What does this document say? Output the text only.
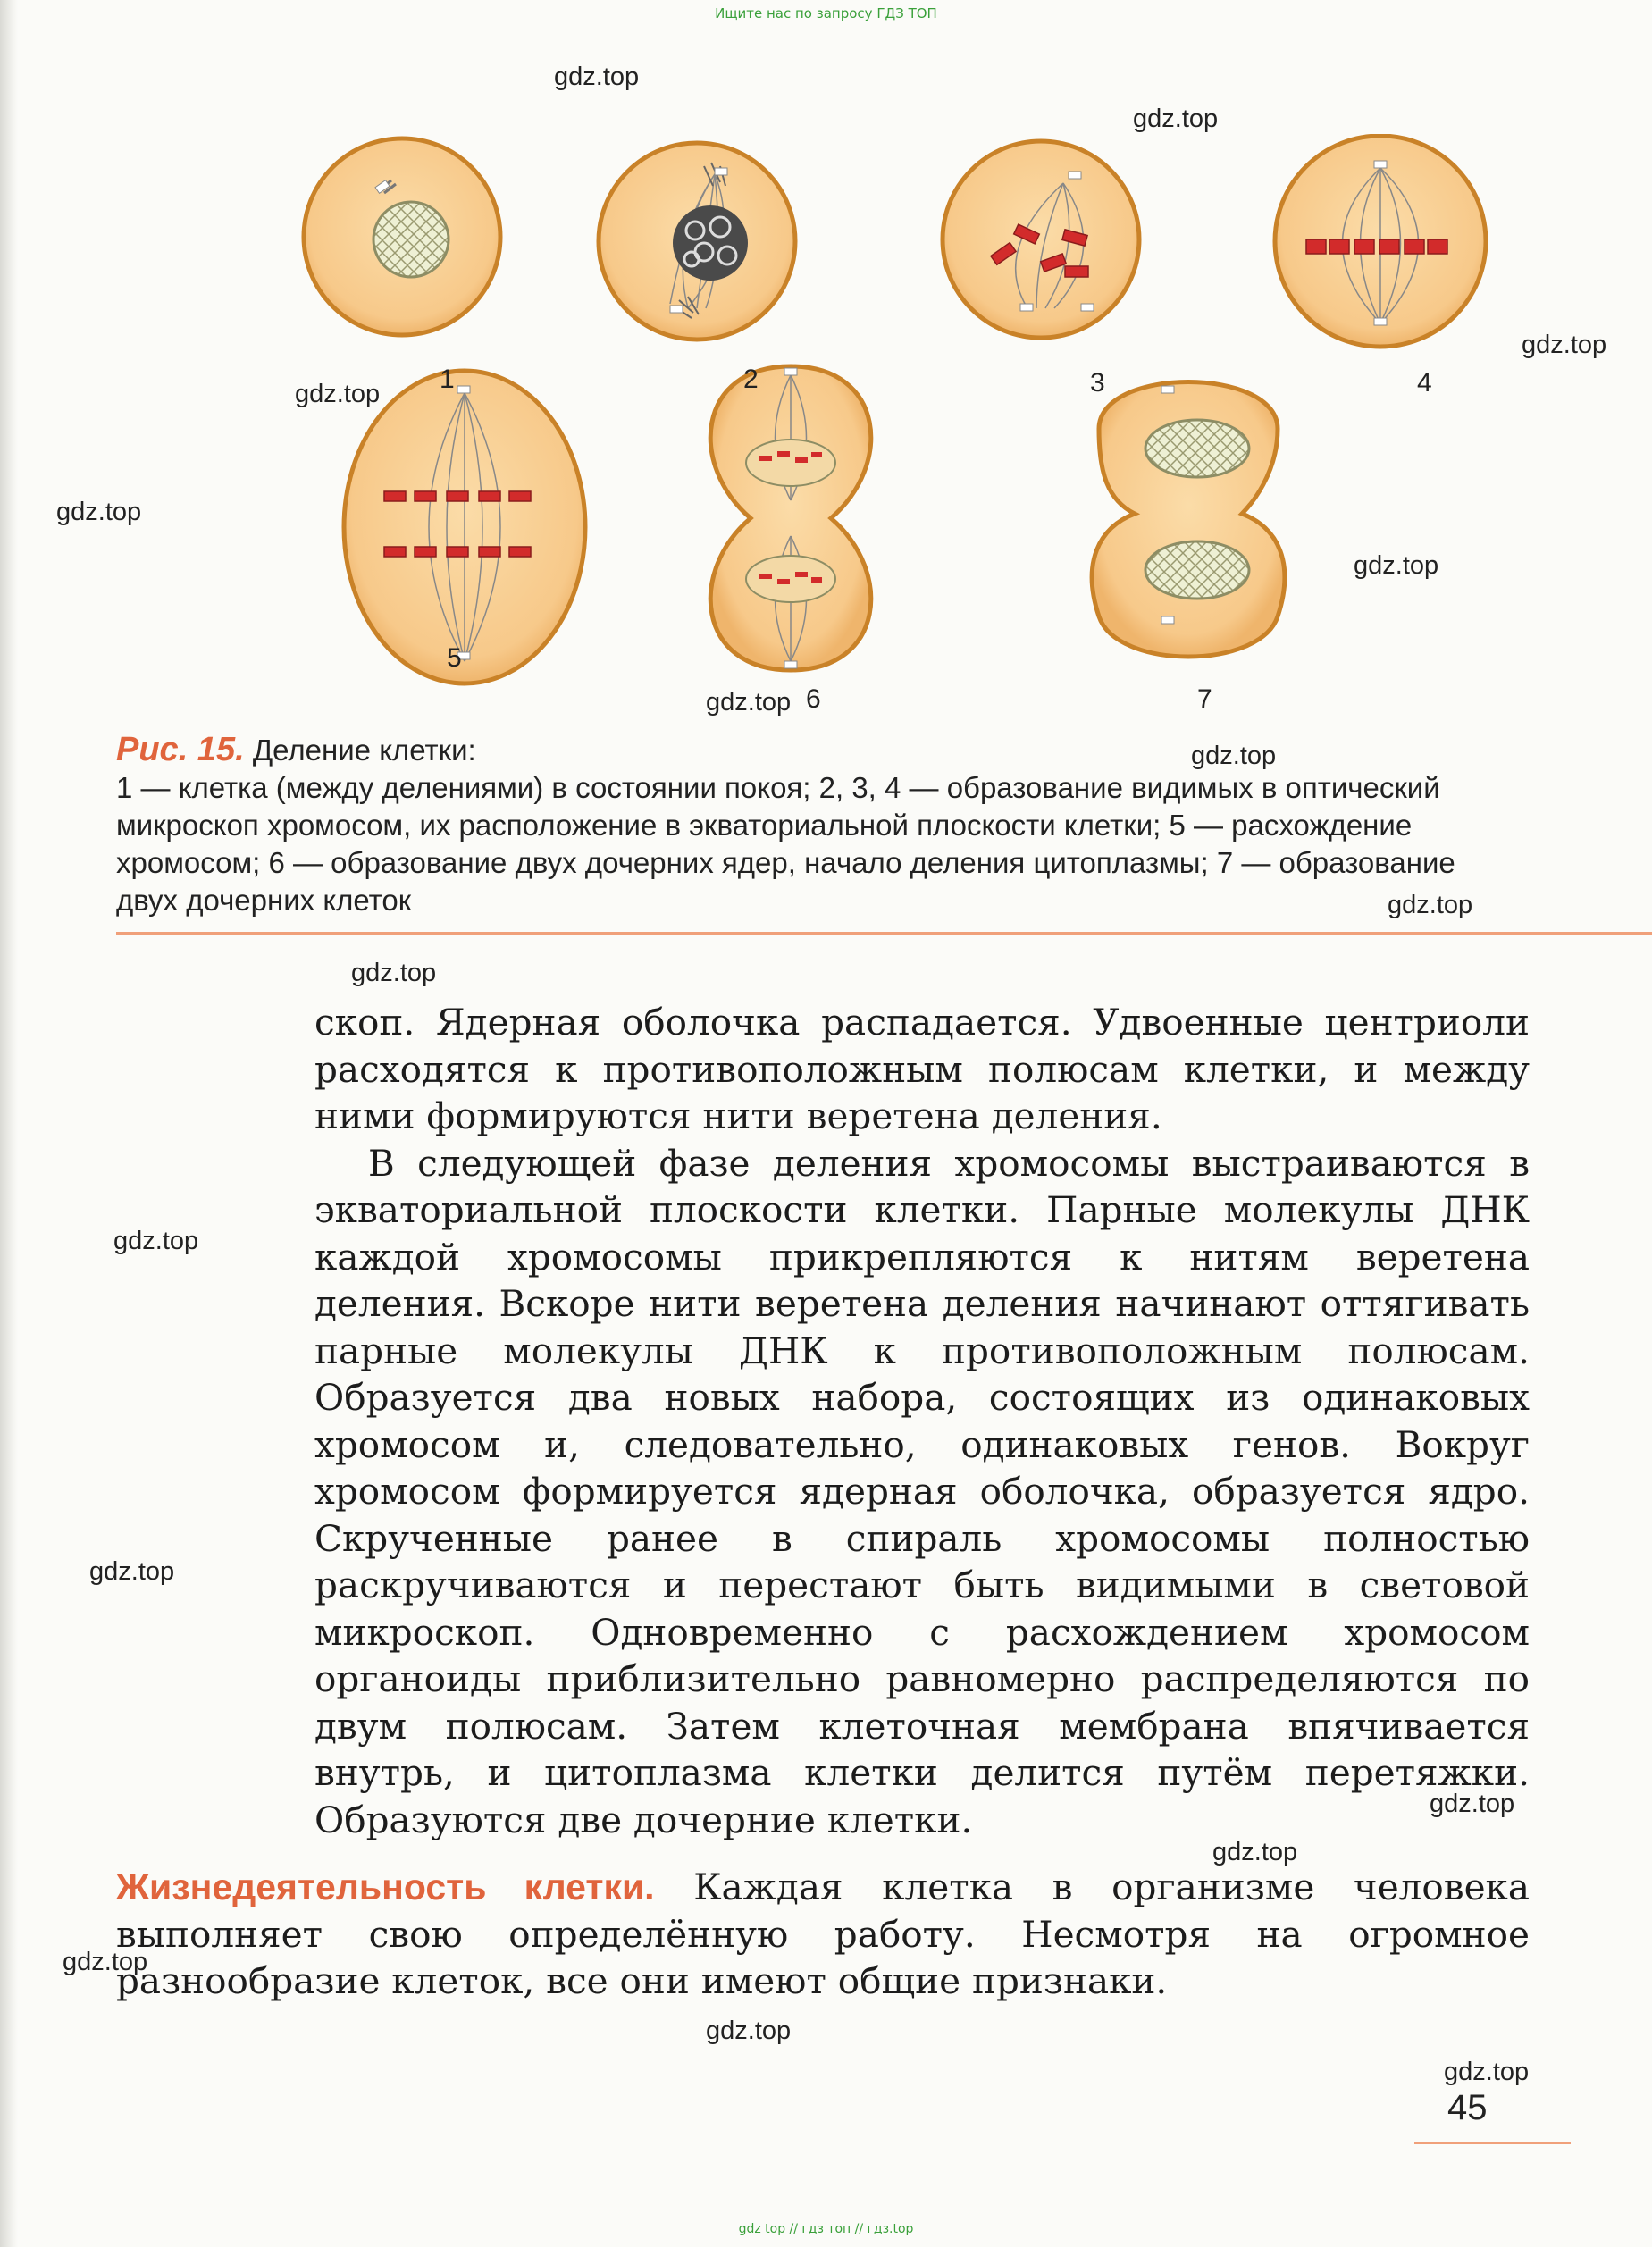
Ищите нас по запросу ГДЗ ТОП
gdz.top
gdz.top
gdz.top
gdz.top
gdz.top
gdz.top
gdz.top
gdz.top
gdz.top
gdz.top
gdz.top
gdz.top
gdz.top
gdz.top
gdz.top
gdz.top
gdz.top
1	2	3	4
5
6	7
Рис. 15. Деление клетки:
1 — клетка (между делениями) в состоянии покоя; 2, 3, 4 — образование видимых в оптический микроскоп хромосом, их расположение в экваториальной плоскости клетки; 5 — расхождение хромосом; 6 — образование двух дочерних ядер, начало деления цитоплазмы; 7 — образование двух дочерних клеток

скоп. Ядерная оболочка распадается. Удвоенные центриоли расходятся к противоположным полюсам клетки, и между ними формируются нити веретена деления.

В следующей фазе деления хромосомы выстраиваются в экваториальной плоскости клетки. Парные молекулы ДНК каждой хромосомы прикрепляются к нитям веретена деления. Вскоре нити веретена деления начинают оттягивать парные молекулы ДНК к противоположным полюсам. Образуется два новых набора, состоящих из одинаковых хромосом и, следовательно, одинаковых генов. Вокруг хромосом формируется ядерная оболочка, образуется ядро. Скрученные ранее в спираль хромосомы полностью раскручиваются и перестают быть видимыми в световой микроскоп. Одновременно с расхождением хромосом органоиды приблизительно равномерно распределяются по двум полюсам. Затем клеточная мембрана впячивается внутрь, и цитоплазма клетки делится путём перетяжки. Образуются две дочерние клетки.

Жизнедеятельность клетки. Каждая клетка в организме человека выполняет свою определённую работу. Несмотря на огромное разнообразие клеток, все они имеют общие признаки.

45
gdz top // гдз топ // гдз.top
